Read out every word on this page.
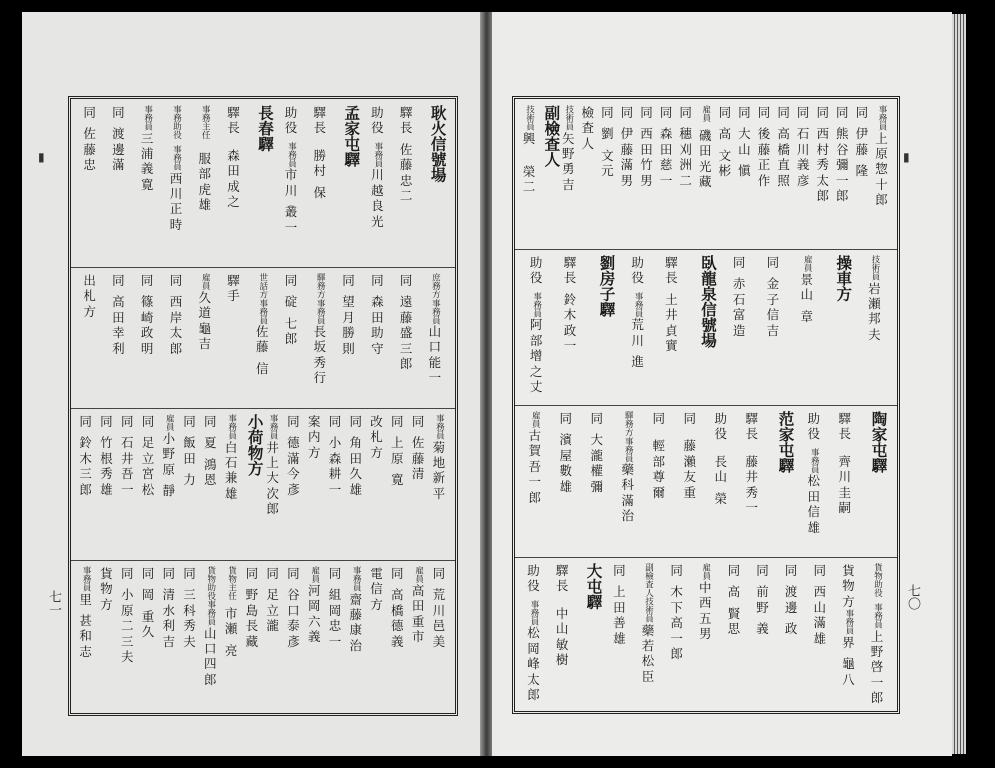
耿火信號場
驛
長
佐
藤
忠
二
助
役
事務員
川
越
良
光
孟家屯驛
驛
長
勝
村
保
助
役
事務員
市
川
叢
一
長春驛
驛
長
森
田
成
之
事務主任
服
部
虎
雄
事務助役
事務員
西
川
正
時
事務員
三
浦
義
寛
同
渡
邊
滿
同
佐
藤
忠
庶務方
事務員
山
口
能
一
同
遠
藤
盛
三
郎
同
森
田
助
守
同
望
月
勝
則
驛務方
事務員
長
坂
秀
行
同
碇
七
郎
世話方
事務員
佐
藤
信
驛
手
雇員
久
道
龜
吉
同
西
岸
太
郎
同
篠
崎
政
明
同
高
田
幸
利
出
札
方
事務員
菊
地
新
平
同
佐
藤
清
同
上
原
寛
改
札
方
同
角
田
久
雄
同
小
森
耕
一
案
内
方
同
德
滿
今
彥
事務員
井
上
大
次
郎
小荷物方
事務員
白
石
兼
雄
同
夏
鴻
恩
同
飯
田
力
雇員
小
野
原
靜
同
足
立
宮
松
同
石
井
吾
一
同
竹
根
秀
雄
同
鈴
木
三
郎
同
荒
川
邑
美
雇員
高
田
重
市
同
高
橋
德
義
電
信
方
事務員
齋
藤
康
治
同
組
岡
忠
一
雇員
河
岡
六
義
同
谷
口
泰
彥
同
足
立
瀧
同
野
島
長
藏
貨物主任
市
瀬
亮
貨物助役
事務員
山
口
四
郎
同
三
科
秀
夫
同
清
水
利
吉
同
岡
重
久
同
小
原
二
三
夫
貨
物
方
事務員
里
甚
和
志
事務員
上
原
惣
十
郎
同
伊
藤
隆
同
熊
谷
彌
一
郎
同
西
村
秀
太
郎
同
石
川
義
彦
同
高
橋
直
照
同
後
藤
正
作
同
大
山
愼
同
高
文
彬
雇員
磯
田
光
藏
同
穗
刈
洲
二
同
森
田
慈
一
同
西
田
竹
男
同
伊
藤
滿
男
同
劉
文
元
檢
査
人
技術員
矢
野
勇
吉
副檢査人
技術員
興
榮
二
技術員
岩
瀬
邦
夫
操車方
雇員
景
山
章
同
金
子
信
吉
同
赤
石
富
造
臥龍泉信號場
驛
長
土
井
貞
實
助
役
事務員
荒
川
進
劉房子驛
驛
長
鈴
木
政
一
助
役
事務員
阿
部
增
之
丈
陶家屯驛
驛
長
齊
川
圭
嗣
助
役
事務員
松
田
信
雄
范家屯驛
驛
長
藤
井
秀
一
助
役
長
山
榮
同
藤
瀨
友
重
同
輕
部
尊
爾
驛務方
事務員
藥
科
滿
治
同
大
瀧
權
彌
同
濱
屋
數
雄
雇員
古
賀
吾
一
郎
貨物助役
事務員
上
野
啓
一
郎
貨
物
方
事務員
界
龜
八
同
西
山
滿
雄
同
渡
邊
政
同
前
野
義
同
高
賢
思
雇員
中
西
五
男
同
木
下
高
一
郎
副檢査人
技術員
藥
若
松
臣
同
上
田
善
雄
大屯驛
驛
長
中
山
敏
樹
助
役
事務員
松
岡
峰
太
郎
七一	七〇
▮	▮
